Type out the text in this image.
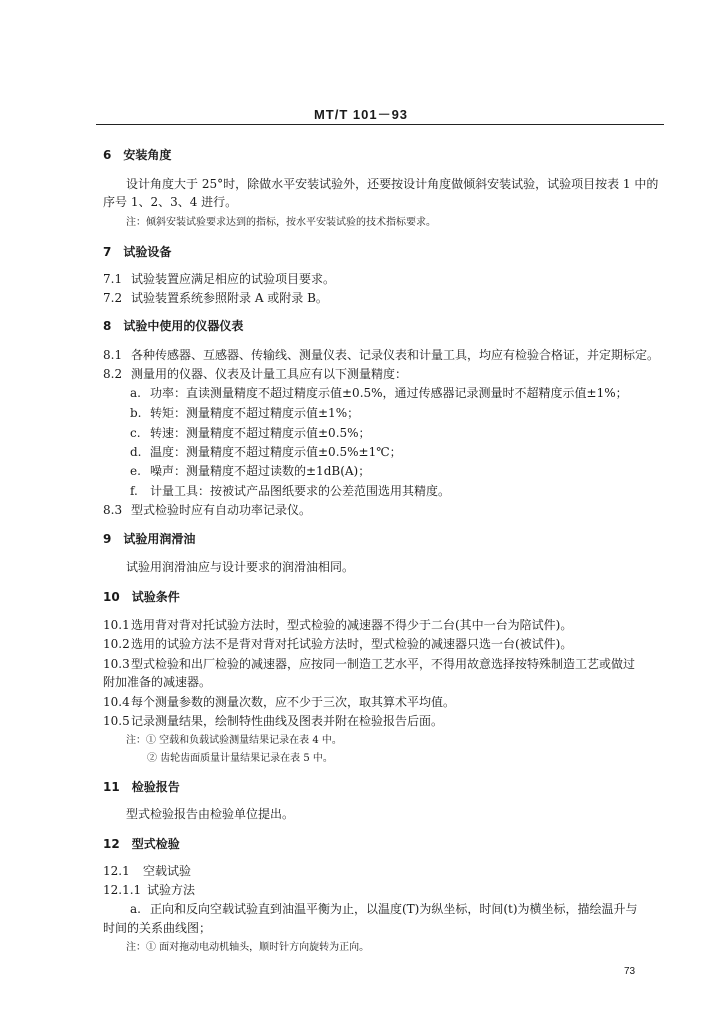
MT/T 101－93
6　安装角度
设计角度大于 25°时，除做水平安装试验外，还要按设计角度做倾斜安装试验，试验项目按表 1 中的
序号 1、2、3、4 进行。
注：倾斜安装试验要求达到的指标，按水平安装试验的技术指标要求。
7　试验设备
7.1 试验装置应满足相应的试验项目要求。
7.2 试验装置系统参照附录 A 或附录 B。
8　试验中使用的仪器仪表
8.1 各种传感器、互感器、传输线、测量仪表、记录仪表和计量工具，均应有检验合格证，并定期标定。
8.2 测量用的仪器、仪表及计量工具应有以下测量精度：
a. 功率：直读测量精度不超过精度示值±0.5%，通过传感器记录测量时不超精度示值±1%；
b. 转矩：测量精度不超过精度示值±1%；
c. 转速：测量精度不超过精度示值±0.5%；
d. 温度：测量精度不超过精度示值±0.5%±1℃；
e. 噪声：测量精度不超过读数的±1dB(A)；
f. 计量工具：按被试产品图纸要求的公差范围选用其精度。
8.3 型式检验时应有自动功率记录仪。
9　试验用润滑油
试验用润滑油应与设计要求的润滑油相同。
10　试验条件
10.1选用背对背对托试验方法时，型式检验的减速器不得少于二台(其中一台为陪试件)。
10.2选用的试验方法不是背对背对托试验方法时，型式检验的减速器只选一台(被试件)。
10.3型式检验和出厂检验的减速器，应按同一制造工艺水平，不得用故意选择按特殊制造工艺或做过
附加准备的减速器。
10.4每个测量参数的测量次数，应不少于三次，取其算术平均值。
10.5记录测量结果，绘制特性曲线及图表并附在检验报告后面。
注：① 空载和负载试验测量结果记录在表 4 中。
② 齿轮齿面质量计量结果记录在表 5 中。
11　检验报告
型式检验报告由检验单位提出。
12　型式检验
12.1 空载试验
12.1.1 试验方法
a. 正向和反向空载试验直到油温平衡为止，以温度(T)为纵坐标，时间(t)为横坐标，描绘温升与
时间的关系曲线图；
注：① 面对拖动电动机轴头，顺时针方向旋转为正向。
73
